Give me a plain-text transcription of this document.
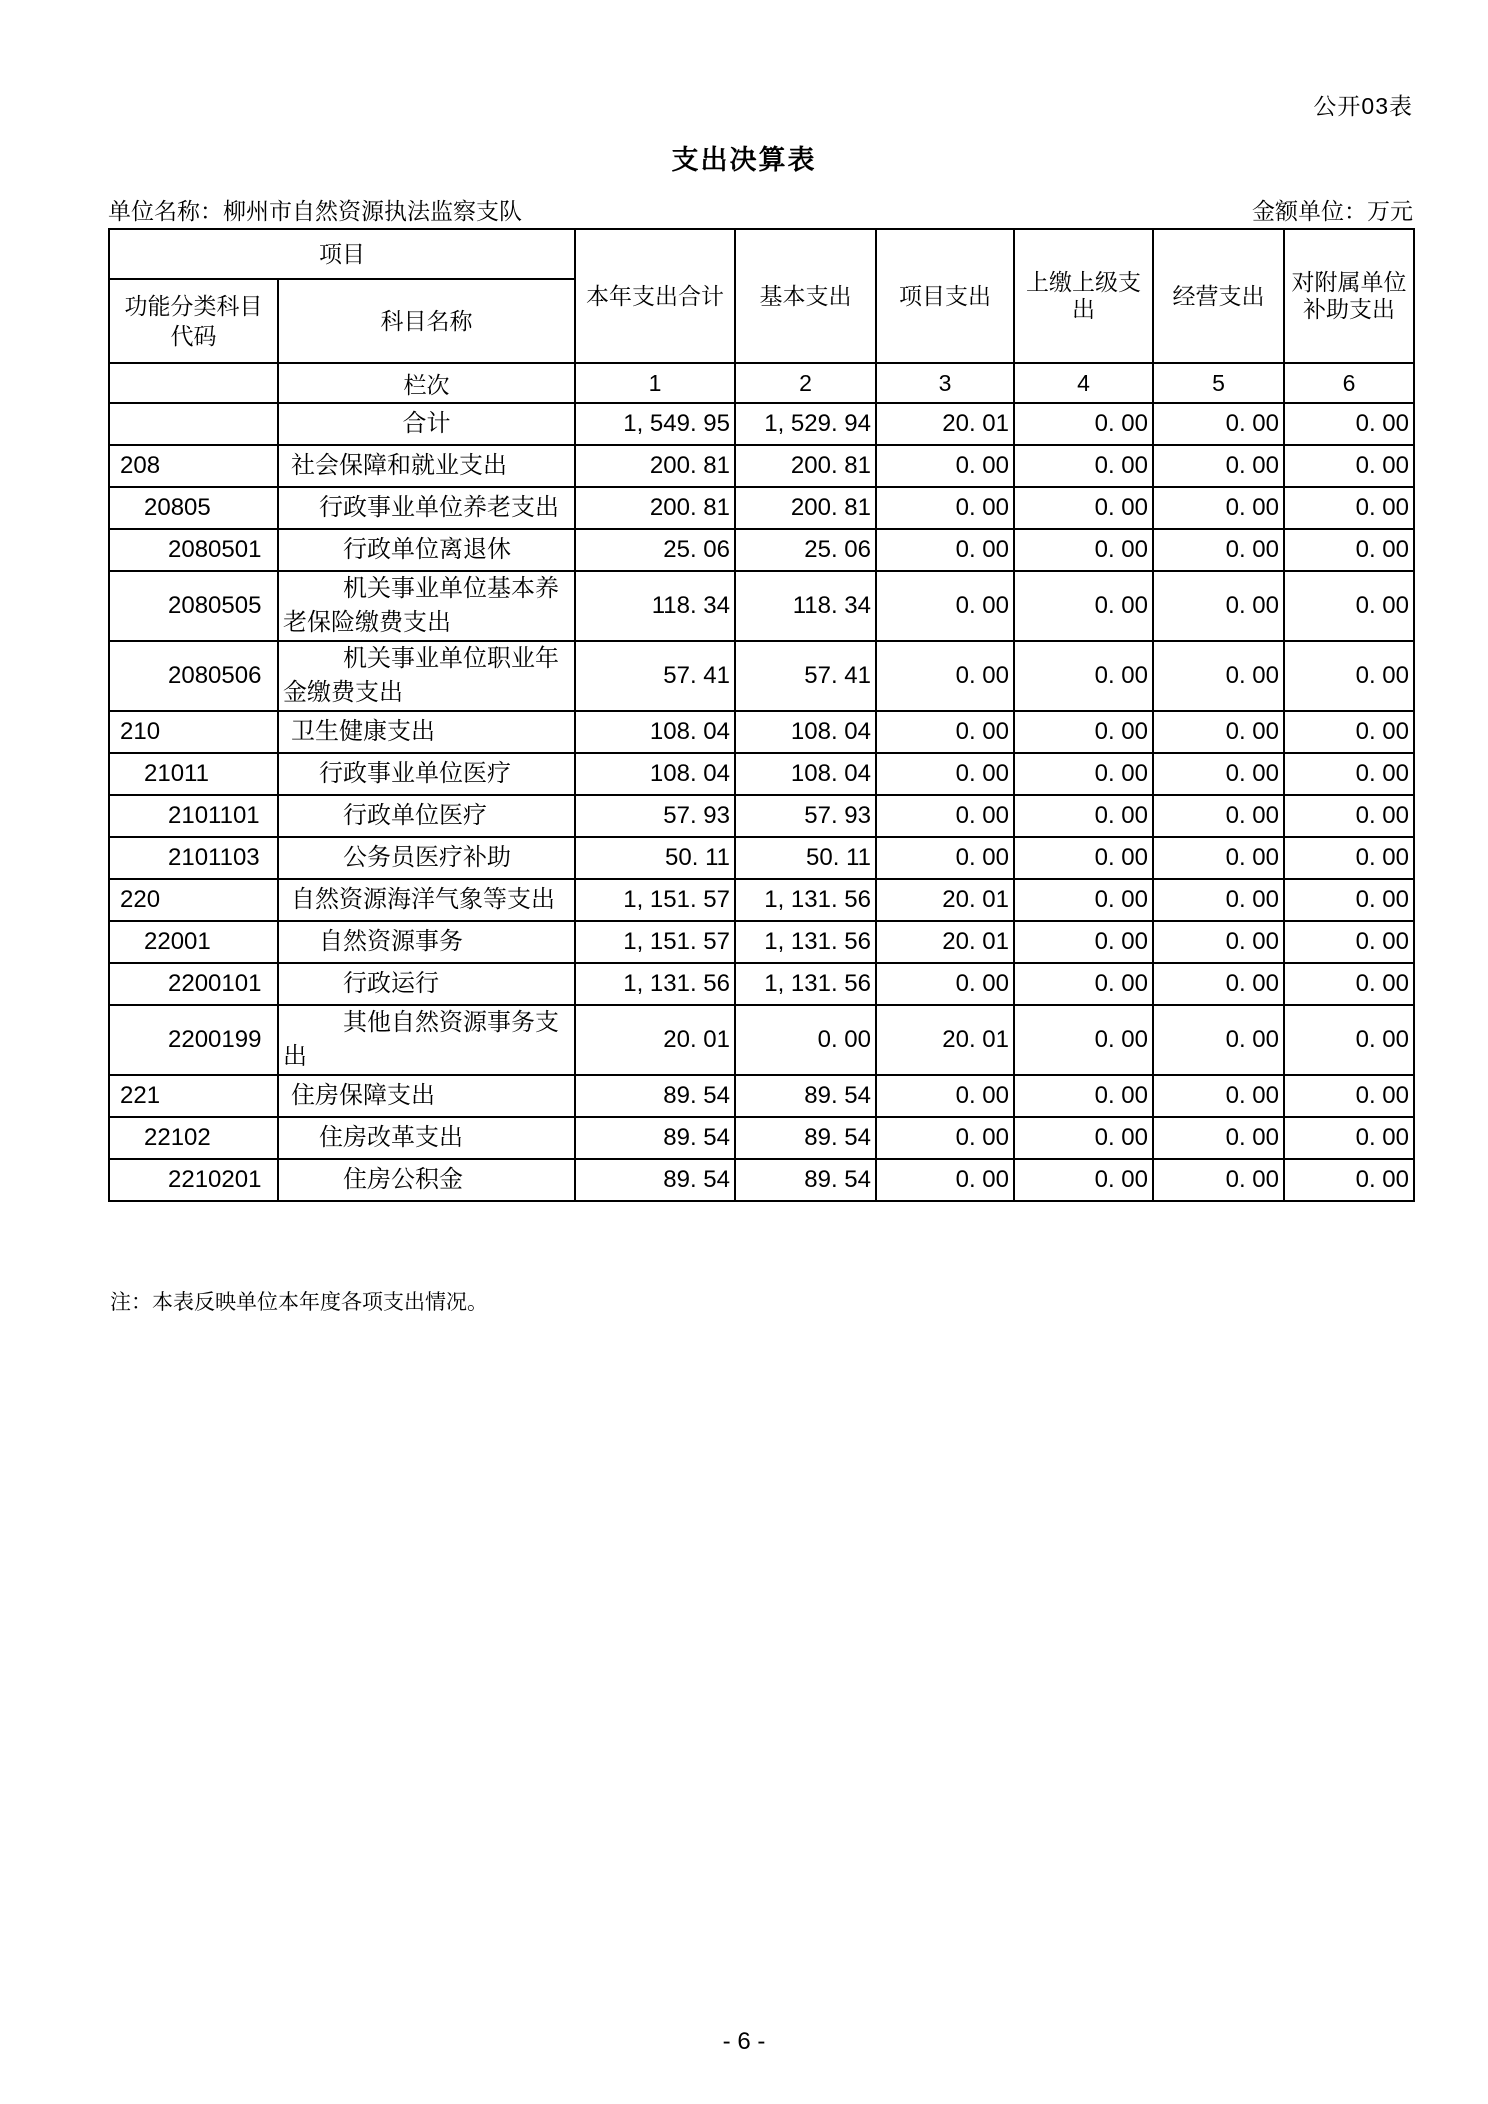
公开03表
支出决算表
单位名称：柳州市自然资源执法监察支队	金额单位：万元
项目		本年支出合计	基本支出	项目支出	上缴上级支出	经营支出	对附属单位补助支出
功能分类科目代码	科目名称						
	栏次	1	2	3	4	5	6
	合计	1, 549. 95	1, 529. 94	20. 01	0. 00	0. 00	0. 00
208	社会保障和就业支出	200. 81	200. 81	0. 00	0. 00	0. 00	0. 00
20805	行政事业单位养老支出	200. 81	200. 81	0. 00	0. 00	0. 00	0. 00
2080501	行政单位离退休	25. 06	25. 06	0. 00	0. 00	0. 00	0. 00
2080505	机关事业单位基本养老保险缴费支出	118. 34	118. 34	0. 00	0. 00	0. 00	0. 00
2080506	机关事业单位职业年金缴费支出	57. 41	57. 41	0. 00	0. 00	0. 00	0. 00
210	卫生健康支出	108. 04	108. 04	0. 00	0. 00	0. 00	0. 00
21011	行政事业单位医疗	108. 04	108. 04	0. 00	0. 00	0. 00	0. 00
2101101	行政单位医疗	57. 93	57. 93	0. 00	0. 00	0. 00	0. 00
2101103	公务员医疗补助	50. 11	50. 11	0. 00	0. 00	0. 00	0. 00
220	自然资源海洋气象等支出	1, 151. 57	1, 131. 56	20. 01	0. 00	0. 00	0. 00
22001	自然资源事务	1, 151. 57	1, 131. 56	20. 01	0. 00	0. 00	0. 00
2200101	行政运行	1, 131. 56	1, 131. 56	0. 00	0. 00	0. 00	0. 00
2200199	其他自然资源事务支出	20. 01	0. 00	20. 01	0. 00	0. 00	0. 00
221	住房保障支出	89. 54	89. 54	0. 00	0. 00	0. 00	0. 00
22102	住房改革支出	89. 54	89. 54	0. 00	0. 00	0. 00	0. 00
2210201	住房公积金	89. 54	89. 54	0. 00	0. 00	0. 00	0. 00
注：本表反映单位本年度各项支出情况。
- 6 -
